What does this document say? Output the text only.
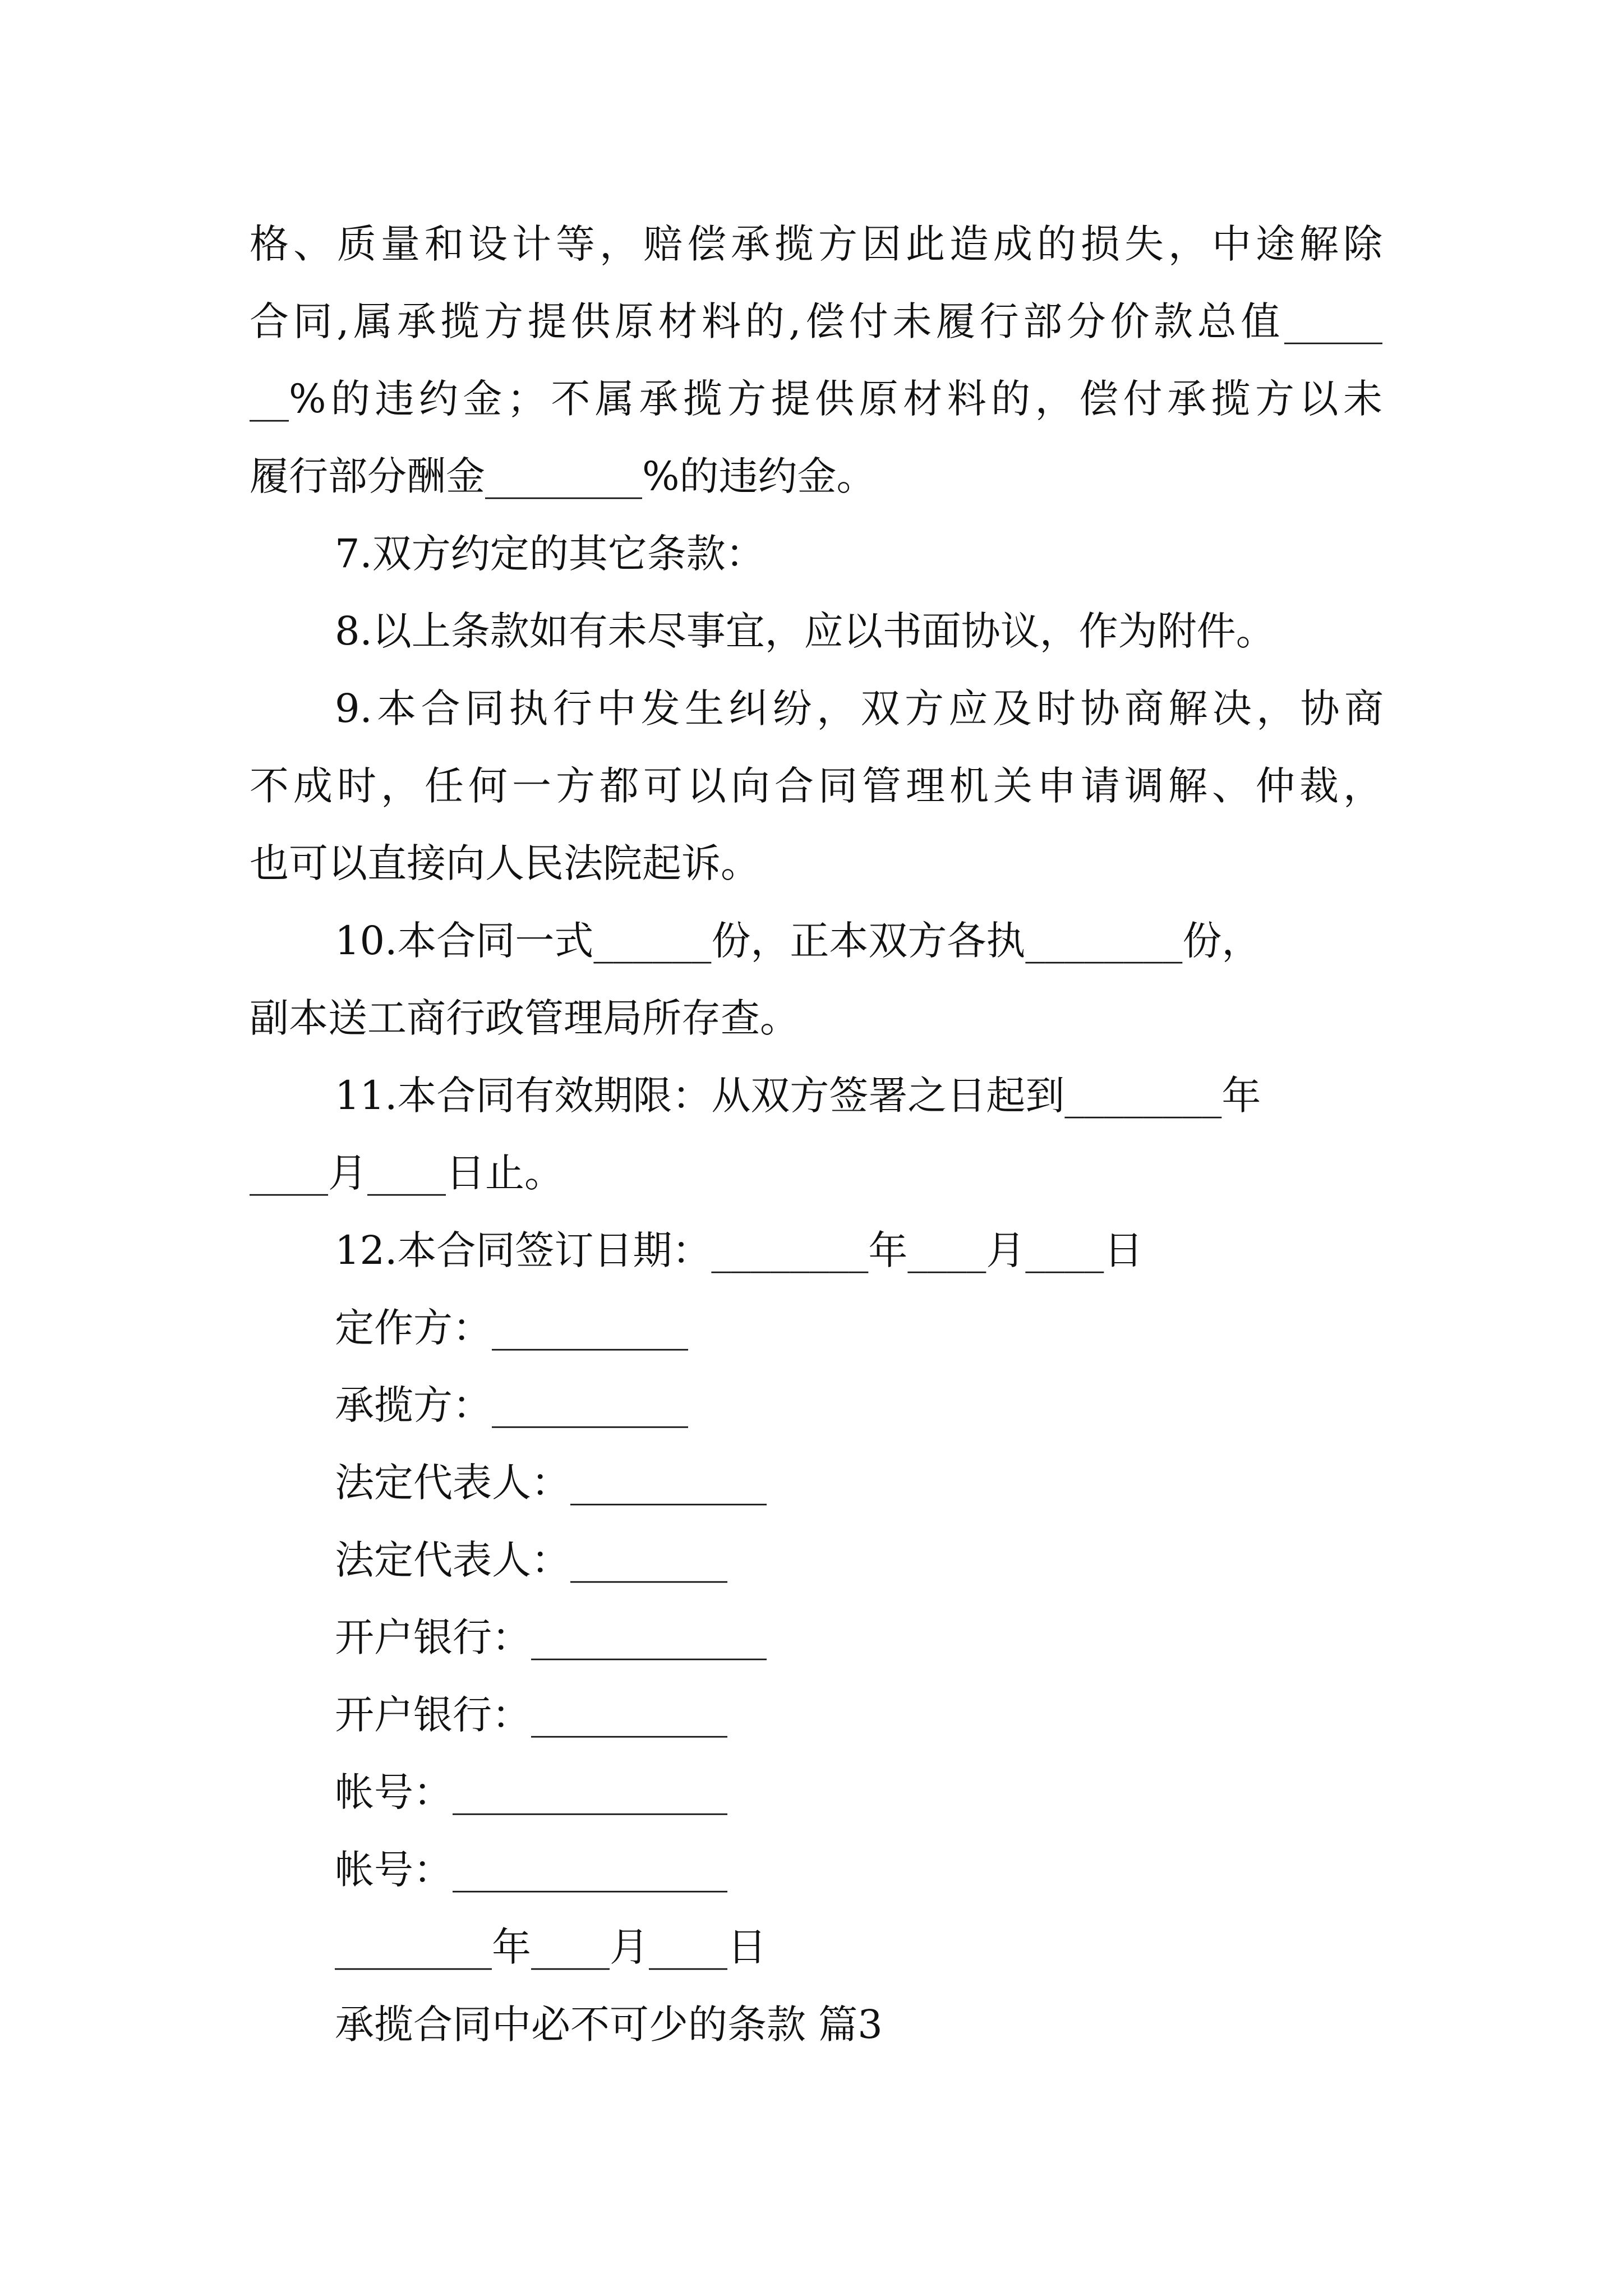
格、质量和设计等，赔偿承揽方因此造成的损失，中途解除
合同,属承揽方提供原材料的,偿付未履行部分价款总值_____
__%的违约金；不属承揽方提供原材料的，偿付承揽方以未
履行部分酬金________%的违约金。
7.双方约定的其它条款：
8.以上条款如有未尽事宜，应以书面协议，作为附件。
9.本合同执行中发生纠纷，双方应及时协商解决，协商
不成时，任何一方都可以向合同管理机关申请调解、仲裁，
也可以直接向人民法院起诉。
10.本合同一式______份，正本双方各执________份，
副本送工商行政管理局所存查。
11.本合同有效期限：从双方签署之日起到________年
____月____日止。
12.本合同签订日期：________年____月____日
定作方：__________
承揽方：__________
法定代表人：__________
法定代表人：________
开户银行：____________
开户银行：__________
帐号：______________
帐号：______________
________年____月____日
承揽合同中必不可少的条款 篇3
